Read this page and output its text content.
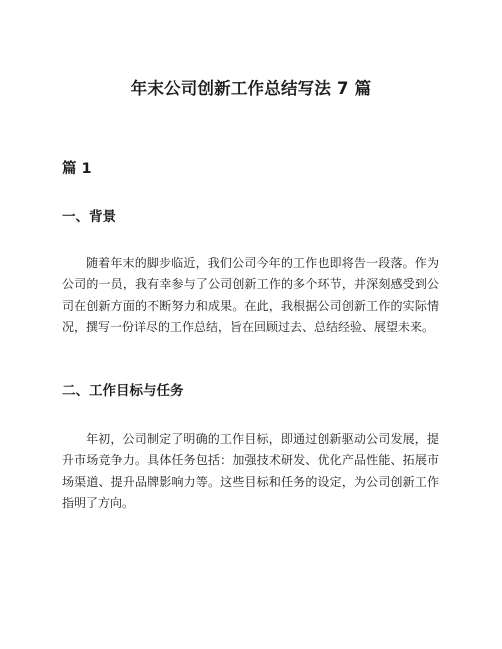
年末公司创新工作总结写法 7 篇
篇 1
一、背景

随着年末的脚步临近，我们公司今年的工作也即将告一段落。作为公司的一员，我有幸参与了公司创新工作的多个环节，并深刻感受到公司在创新方面的不断努力和成果。在此，我根据公司创新工作的实际情况，撰写一份详尽的工作总结，旨在回顾过去、总结经验、展望未来。

二、工作目标与任务

年初，公司制定了明确的工作目标，即通过创新驱动公司发展，提升市场竞争力。具体任务包括：加强技术研发、优化产品性能、拓展市场渠道、提升品牌影响力等。这些目标和任务的设定，为公司创新工作指明了方向。
